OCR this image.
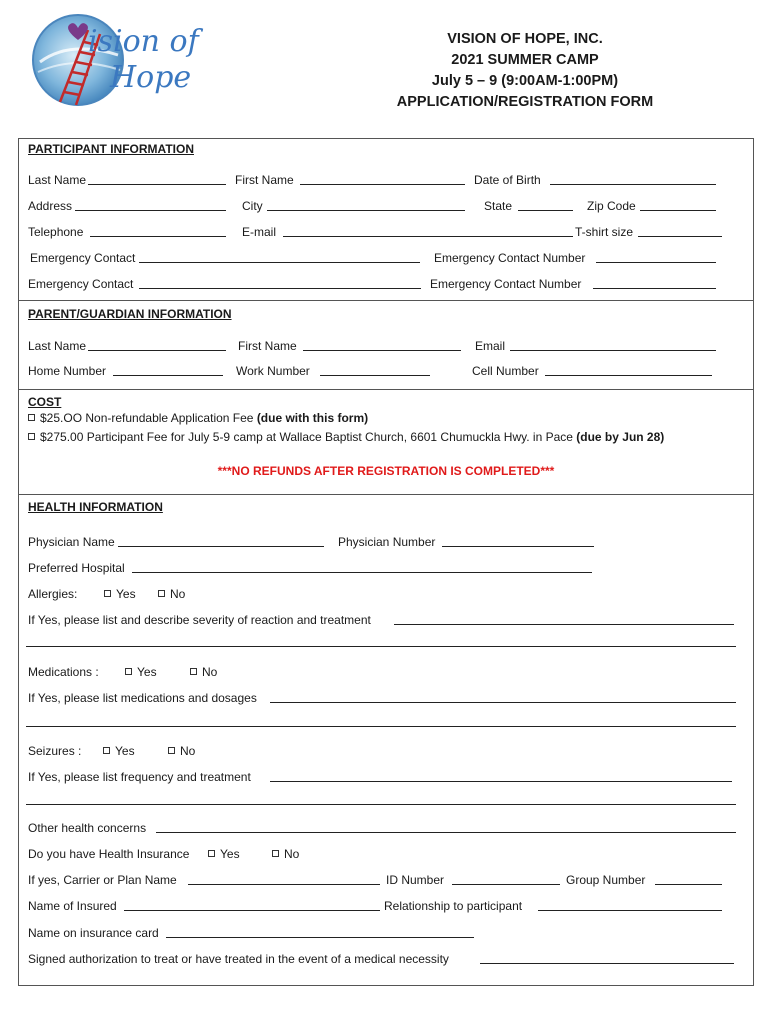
ision of
Hope
VISION OF HOPE, INC.
2021 SUMMER CAMP
July 5 – 9 (9:00AM-1:00PM)
APPLICATION/REGISTRATION FORM
PARTICIPANT INFORMATION
Last Name	First Name	Date of Birth
Address	City	State	Zip Code
Telephone	E-mail	T-shirt size
Emergency Contact	Emergency Contact Number
Emergency Contact	Emergency Contact Number
PARENT/GUARDIAN INFORMATION
Last Name	First Name	Email
Home Number	Work Number	Cell Number
COST
$25.OO Non-refundable Application Fee (due with this form)
$275.00 Participant Fee for July 5-9 camp at Wallace Baptist Church, 6601 Chumuckla Hwy. in Pace (due by Jun 28)
***NO REFUNDS AFTER REGISTRATION IS COMPLETED***
HEALTH INFORMATION
Physician Name	Physician Number
Preferred Hospital
Allergies:	Yes	No
If Yes, please list and describe severity of reaction and treatment
Medications :	Yes	No
If Yes, please list medications and dosages
Seizures :	Yes	No
If Yes, please list frequency and treatment
Other health concerns
Do you have Health Insurance	Yes	No
If yes, Carrier or Plan Name	ID Number	Group Number
Name of Insured	Relationship to participant
Name on insurance card
Signed authorization to treat or have treated in the event of a medical necessity
